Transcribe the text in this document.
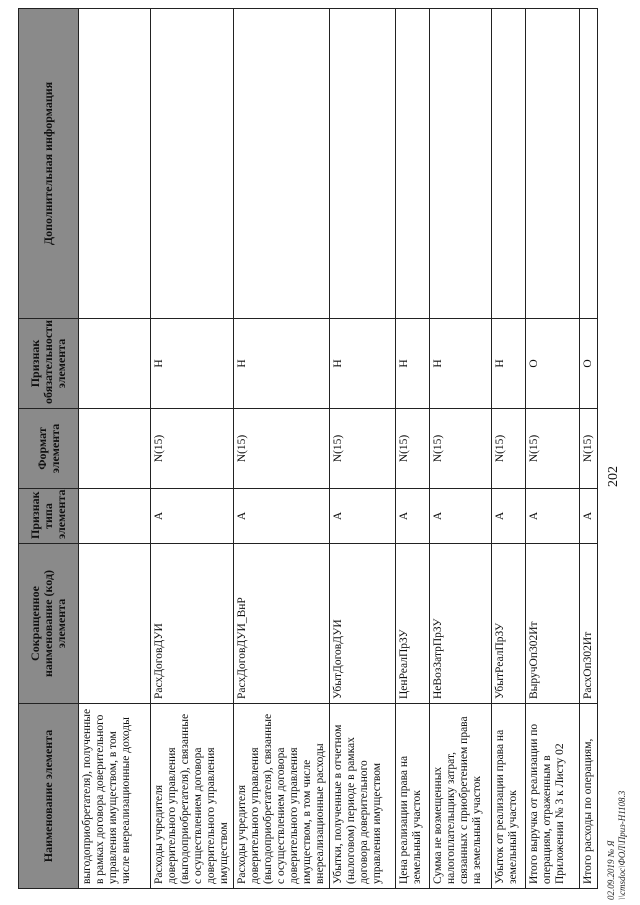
Наименование элемента	Сокращенное наименование (код) элемента	Признак типа элемента	Формат элемента	Признак обязательности элемента	Дополнительная информация
выгодоприобретателя), полученные в рамках договора доверительного управления имуществом, в том числе внереализационные доходы					
Расходы учредителя доверительного управления (выгодоприобретателя), связанные с осуществлением договора доверительного управления имуществом	РасхДоговДУИ	А	N(15)	Н	
Расходы учредителя доверительного управления (выгодоприобретателя), связанные с осуществлением договора доверительного управления имуществом, в том числе внереализационные расходы	РасхДоговДУИ_ВнР	А	N(15)	Н	
Убытки, полученные в отчетном (налоговом) периоде в рамках договора доверительного управления имуществом	УбытДоговДУИ	А	N(15)	Н	
Цена реализации права на земельный участок	ЦенРеалПрЗУ	А	N(15)	Н	
Сумма не возмещенных налогоплательщику затрат, связанных с приобретением права на земельный участок	НеВозЗатрПрЗУ	А	N(15)	Н	
Убыток от реализации права на земельный участок	УбытРеалПрЗУ	А	N(15)	Н	
Итого выручка от реализации по операциям, отраженным в Приложении № 3 к Листу 02	ВыручОп302Ит	А	N(15)	О	
Итого расходы по операциям,	РасхОп302Ит	А	N(15)	О	
202
02.09.2019 № Я \\cmsdoc\ФОЛ\Приз-Н1108.3
